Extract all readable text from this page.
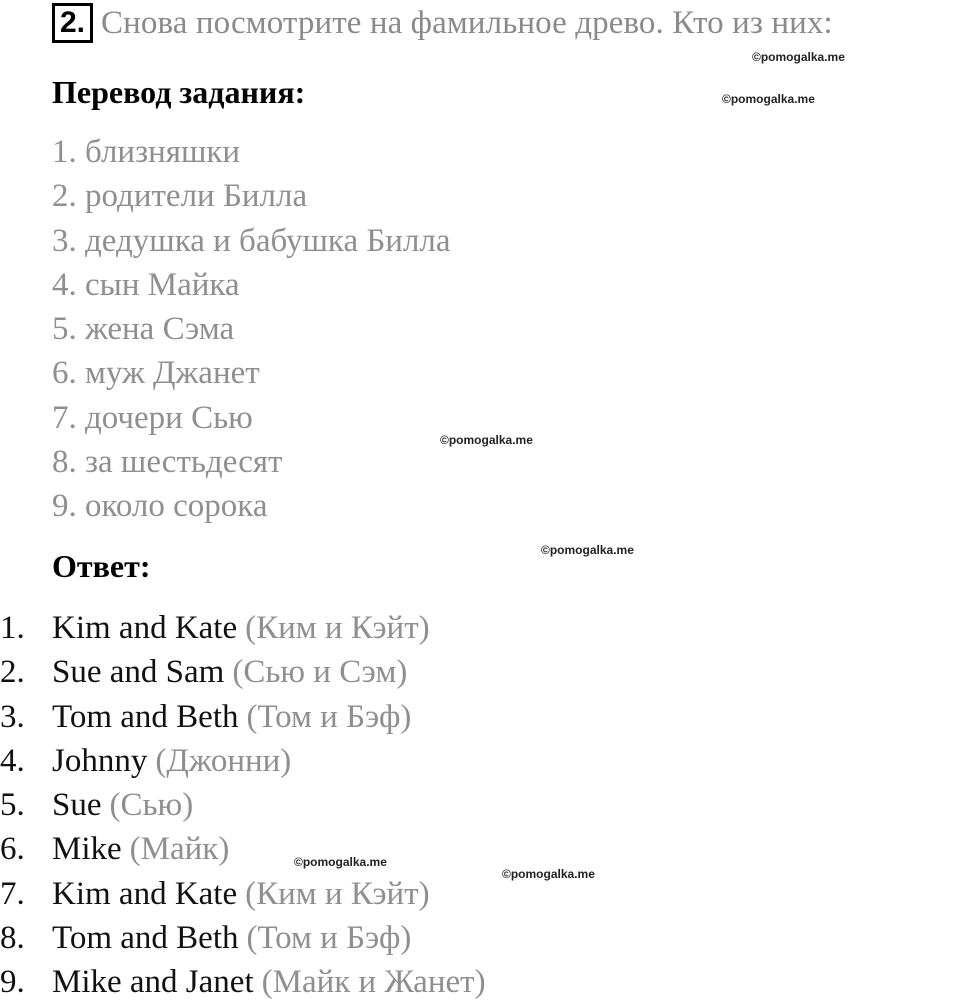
2. Снова посмотрите на фамильное древо. Кто из них:
Перевод задания:
1. близняшки
2. родители Билла
3. дедушка и бабушка Билла
4. сын Майка
5. жена Сэма
6. муж Джанет
7. дочери Сью
8. за шестьдесят
9. около сорока
Ответ:
1. Kim and Kate (Ким и Кэйт)
2. Sue and Sam (Сью и Сэм)
3. Tom and Beth (Том и Бэф)
4. Johnny (Джонни)
5. Sue (Сью)
6. Mike (Майк)
7. Kim and Kate (Ким и Кэйт)
8. Tom and Beth (Том и Бэф)
9. Mike and Janet (Майк и Жанет)
©pomogalka.me
©pomogalka.me
©pomogalka.me
©pomogalka.me
©pomogalka.me
©pomogalka.me
